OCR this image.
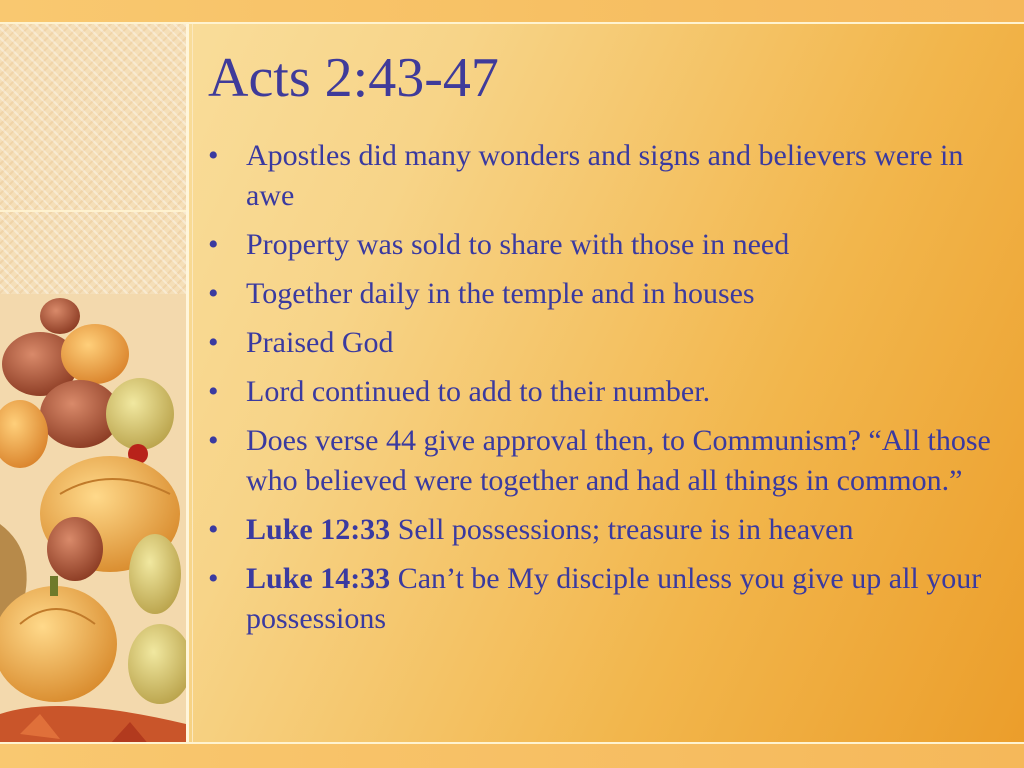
Acts 2:43-47
• Apostles did many wonders and signs and believers were in awe
• Property was sold to share with those in need
• Together daily in the temple and in houses
• Praised God
• Lord continued to add to their number.
• Does verse 44 give approval then, to Communism? “All those who believed were together and had all things in common.”
• Luke 12:33 Sell possessions; treasure is in heaven
• Luke 14:33 Can’t be My disciple unless you give up all your possessions
